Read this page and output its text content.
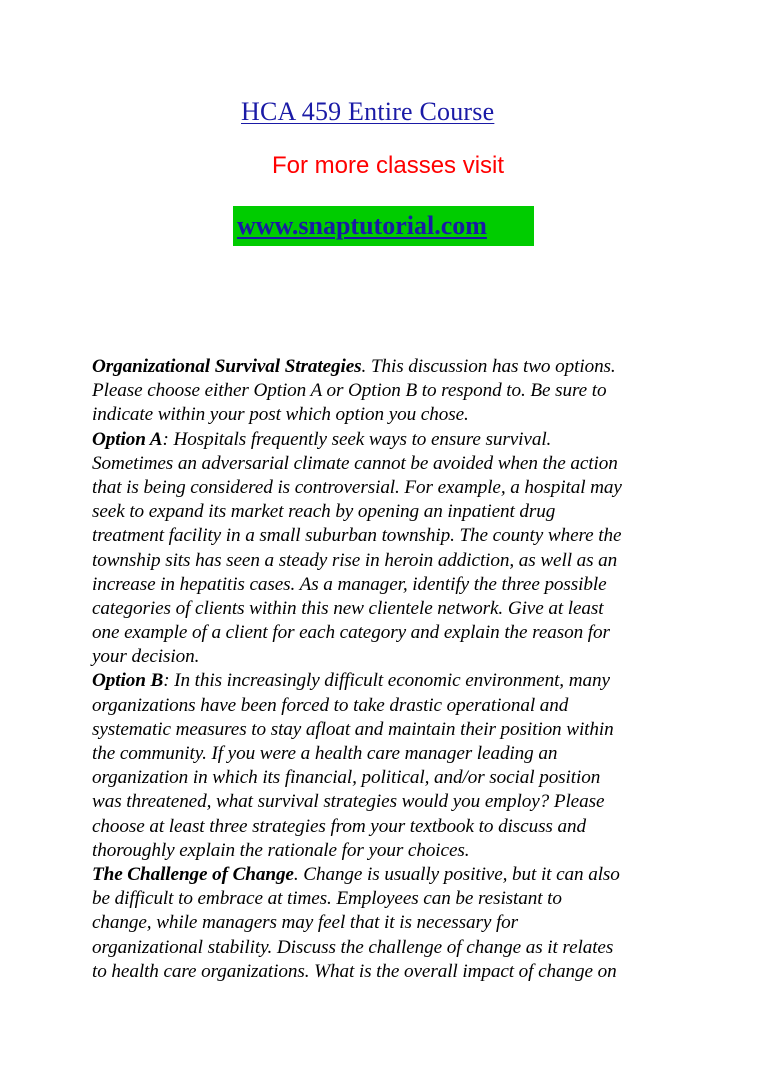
HCA 459 Entire Course
For more classes visit
www.snaptutorial.com
Organizational Survival Strategies. This discussion has two options.
Please choose either Option A or Option B to respond to. Be sure to
indicate within your post which option you chose.
Option A: Hospitals frequently seek ways to ensure survival.
Sometimes an adversarial climate cannot be avoided when the action
that is being considered is controversial. For example, a hospital may
seek to expand its market reach by opening an inpatient drug
treatment facility in a small suburban township. The county where the
township sits has seen a steady rise in heroin addiction, as well as an
increase in hepatitis cases. As a manager, identify the three possible
categories of clients within this new clientele network. Give at least
one example of a client for each category and explain the reason for
your decision.
Option B: In this increasingly difficult economic environment, many
organizations have been forced to take drastic operational and
systematic measures to stay afloat and maintain their position within
the community. If you were a health care manager leading an
organization in which its financial, political, and/or social position
was threatened, what survival strategies would you employ? Please
choose at least three strategies from your textbook to discuss and
thoroughly explain the rationale for your choices.
The Challenge of Change. Change is usually positive, but it can also
be difficult to embrace at times. Employees can be resistant to
change, while managers may feel that it is necessary for
organizational stability. Discuss the challenge of change as it relates
to health care organizations. What is the overall impact of change on
